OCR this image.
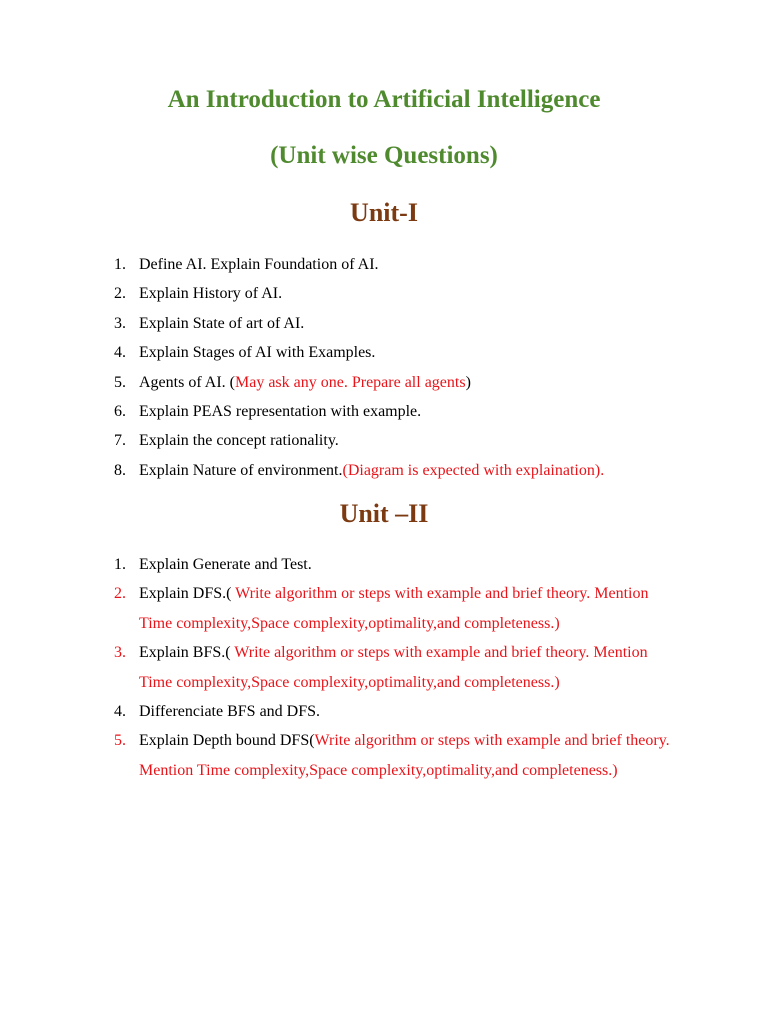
An Introduction to Artificial Intelligence
(Unit wise Questions)
Unit-I
1. Define AI. Explain Foundation of AI.
2. Explain History of AI.
3. Explain State of art of AI.
4. Explain Stages of AI with Examples.
5. Agents of AI. (May ask any one. Prepare all agents)
6. Explain PEAS representation with example.
7. Explain the concept rationality.
8. Explain Nature of environment.(Diagram is expected with explaination).
Unit –II
1. Explain Generate and Test.
2. Explain DFS.( Write algorithm or steps with example and brief theory. Mention Time complexity,Space complexity,optimality,and completeness.)
3. Explain BFS.( Write algorithm or steps with example and brief theory. Mention Time complexity,Space complexity,optimality,and completeness.)
4. Differenciate BFS and DFS.
5. Explain Depth bound DFS(Write algorithm or steps with example and brief theory. Mention Time complexity,Space complexity,optimality,and completeness.)
